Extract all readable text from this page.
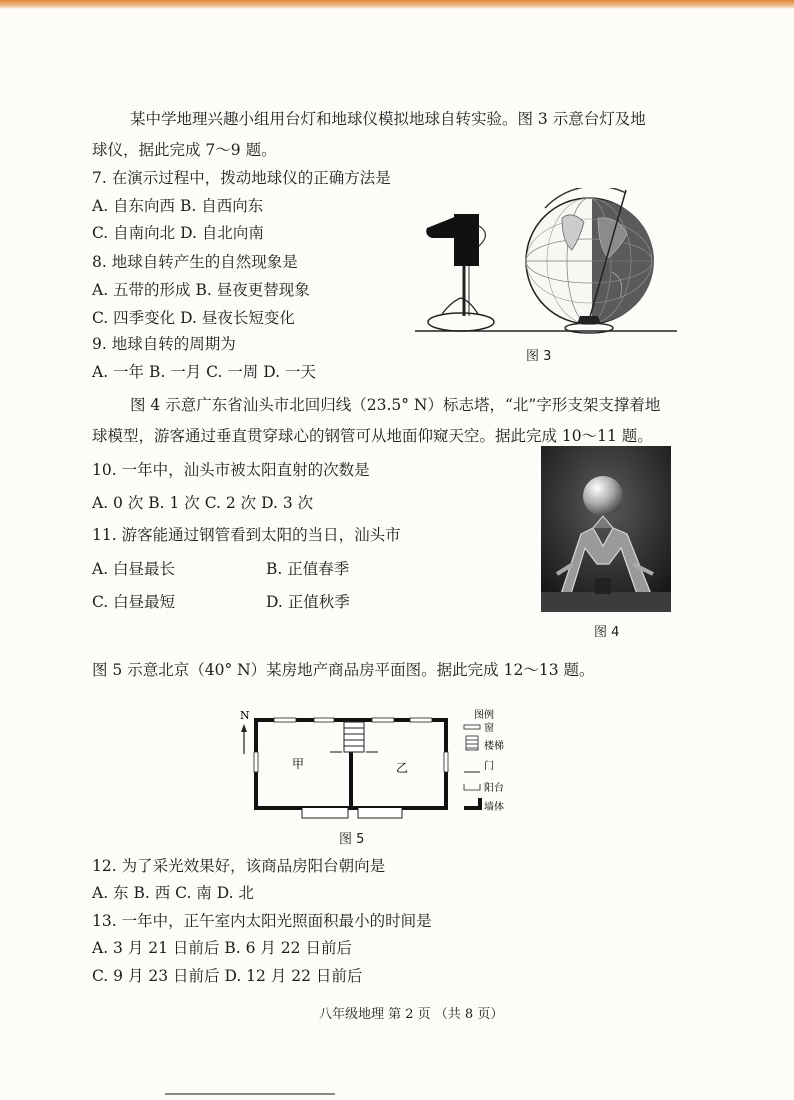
某中学地理兴趣小组用台灯和地球仪模拟地球自转实验。图 3 示意台灯及地
球仪，据此完成 7～9 题。
7. 在演示过程中，拨动地球仪的正确方法是
A. 自东向西 B. 自西向东
C. 自南向北 D. 自北向南
8. 地球自转产生的自然现象是
A. 五带的形成 B. 昼夜更替现象
C. 四季变化 D. 昼夜长短变化
9. 地球自转的周期为
A. 一年 B. 一月 C. 一周 D. 一天
图 3
图 4 示意广东省汕头市北回归线（23.5° N）标志塔，“北”字形支架支撑着地
球模型，游客通过垂直贯穿球心的钢管可从地面仰窥天空。据此完成 10～11 题。
10. 一年中，汕头市被太阳直射的次数是
A. 0 次 B. 1 次 C. 2 次 D. 3 次
11. 游客能通过钢管看到太阳的当日，汕头市
A. 白昼最长	B. 正值春季
C. 白昼最短	D. 正值秋季
图 4
图 5 示意北京（40° N）某房地产商品房平面图。据此完成 12～13 题。
N
甲	乙
图例
窗
楼梯
门
阳台
墙体
图 5
12. 为了采光效果好，该商品房阳台朝向是
A. 东 B. 西 C. 南 D. 北
13. 一年中，正午室内太阳光照面积最小的时间是
A. 3 月 21 日前后 B. 6 月 22 日前后
C. 9 月 23 日前后 D. 12 月 22 日前后
八年级地理 第 2 页 （共 8 页）
